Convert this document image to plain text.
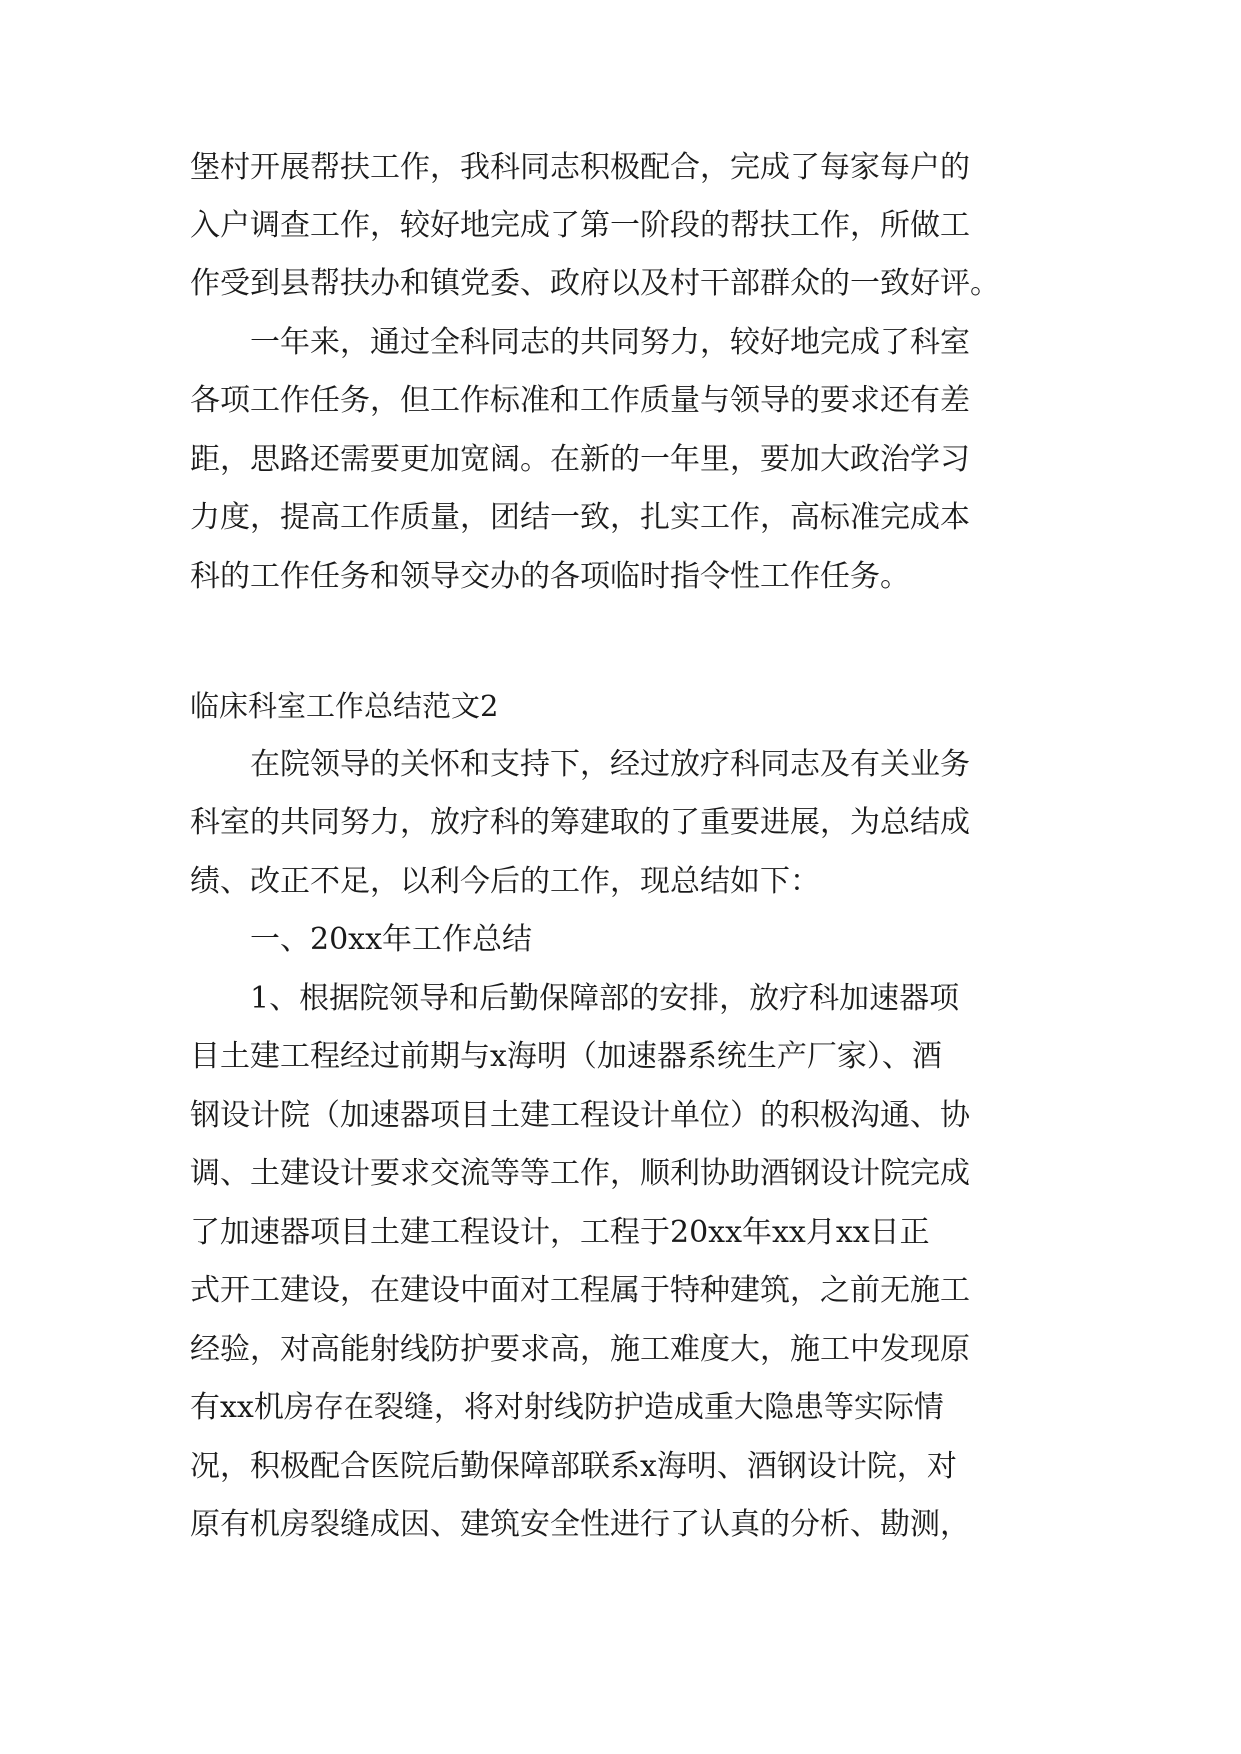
堡村开展帮扶工作，我科同志积极配合，完成了每家每户的
入户调查工作，较好地完成了第一阶段的帮扶工作，所做工
作受到县帮扶办和镇党委、政府以及村干部群众的一致好评。
一年来，通过全科同志的共同努力，较好地完成了科室
各项工作任务，但工作标准和工作质量与领导的要求还有差
距，思路还需要更加宽阔。在新的一年里，要加大政治学习
力度，提高工作质量，团结一致，扎实工作，高标准完成本
科的工作任务和领导交办的各项临时指令性工作任务。
临床科室工作总结范文2
在院领导的关怀和支持下，经过放疗科同志及有关业务
科室的共同努力，放疗科的筹建取的了重要进展，为总结成
绩、改正不足，以利今后的工作，现总结如下：
一、20xx年工作总结
1、根据院领导和后勤保障部的安排，放疗科加速器项
目土建工程经过前期与x海明（加速器系统生产厂家）、酒
钢设计院（加速器项目土建工程设计单位）的积极沟通、协
调、土建设计要求交流等等工作，顺利协助酒钢设计院完成
了加速器项目土建工程设计，工程于20xx年xx月xx日正
式开工建设，在建设中面对工程属于特种建筑，之前无施工
经验，对高能射线防护要求高，施工难度大，施工中发现原
有xx机房存在裂缝，将对射线防护造成重大隐患等实际情
况，积极配合医院后勤保障部联系x海明、酒钢设计院，对
原有机房裂缝成因、建筑安全性进行了认真的分析、勘测，
